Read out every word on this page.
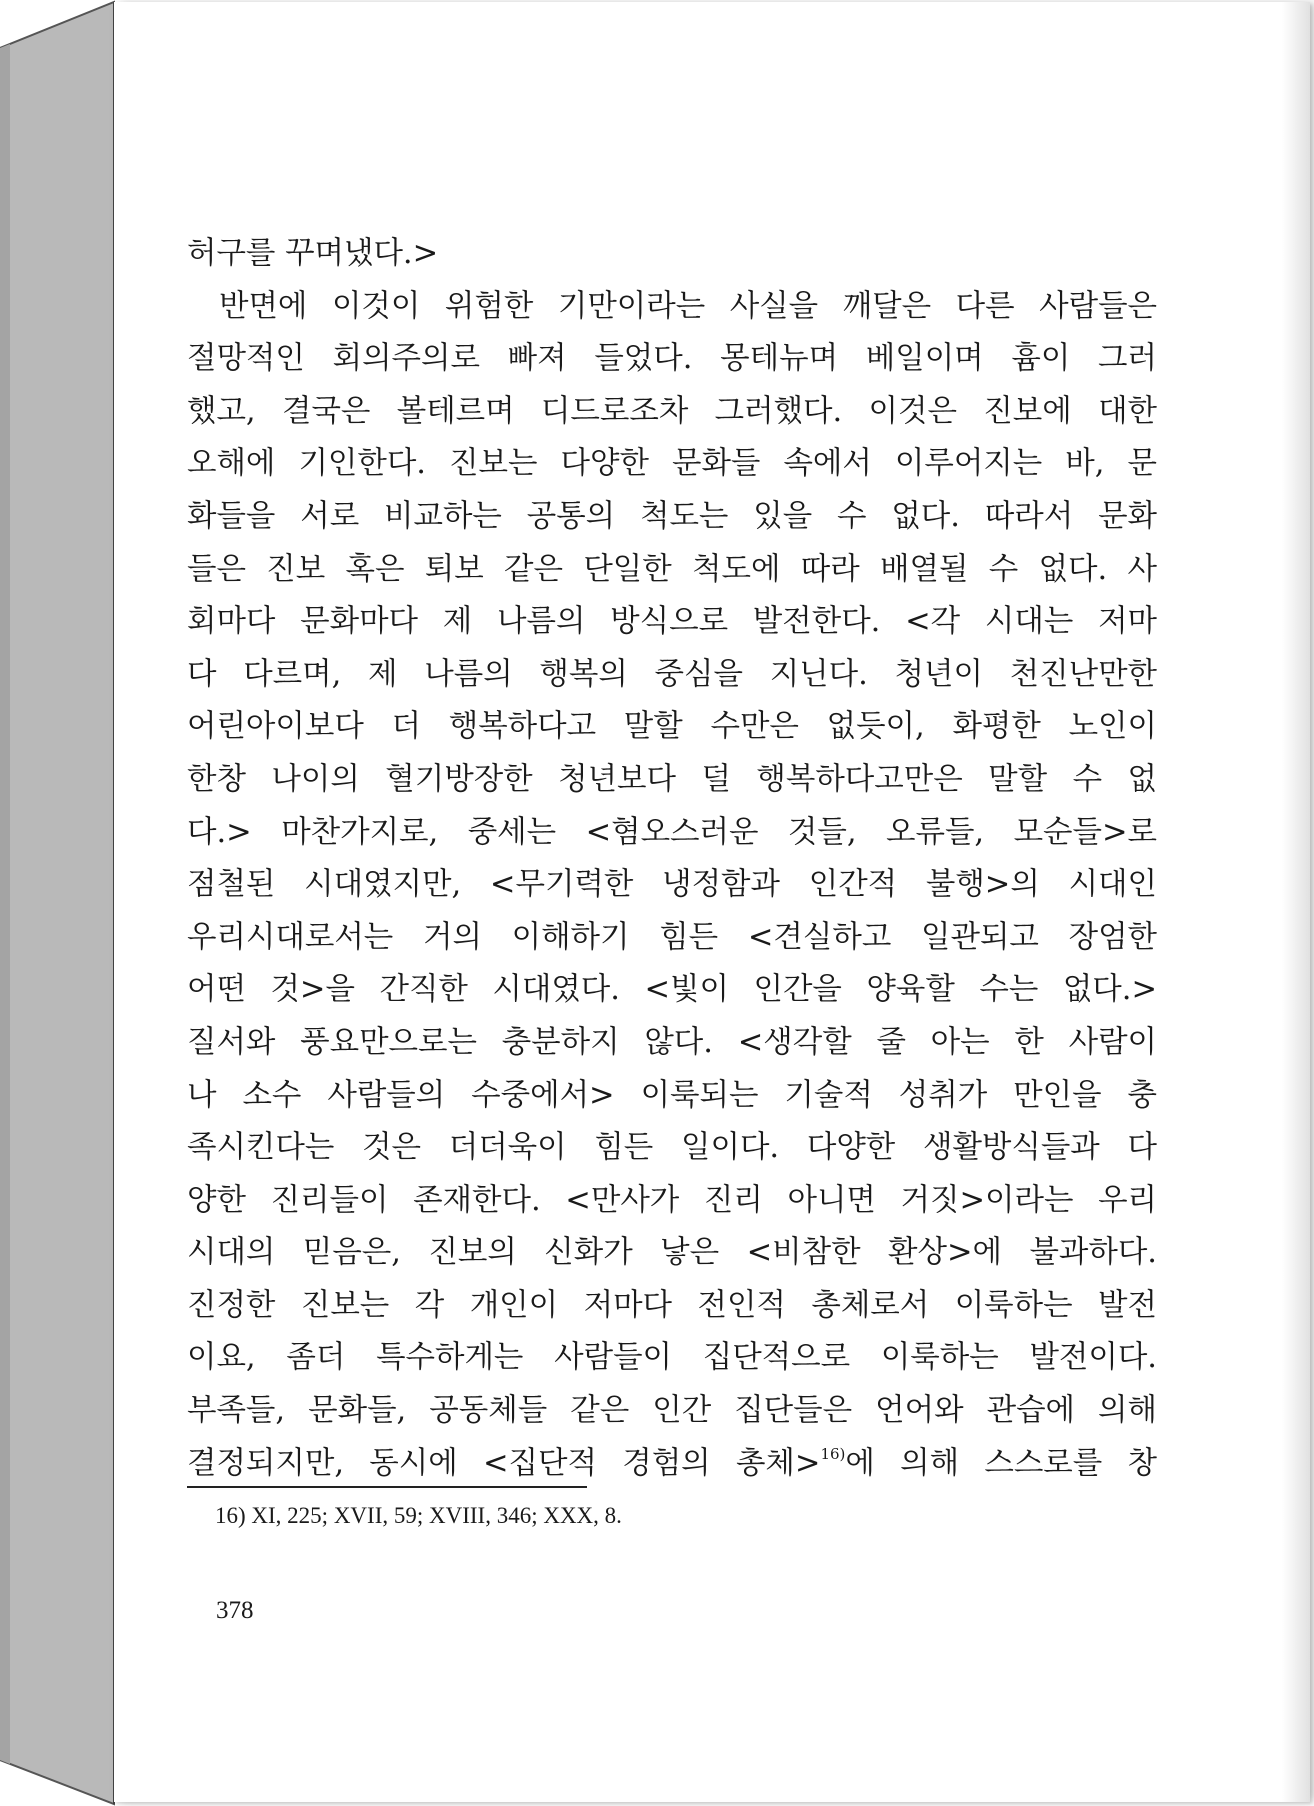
허구를 꾸며냈다.>
반면에 이것이 위험한 기만이라는 사실을 깨달은 다른 사람들은
절망적인 회의주의로 빠져 들었다. 몽테뉴며 베일이며 흄이 그러
했고, 결국은 볼테르며 디드로조차 그러했다. 이것은 진보에 대한
오해에 기인한다. 진보는 다양한 문화들 속에서 이루어지는 바, 문
화들을 서로 비교하는 공통의 척도는 있을 수 없다. 따라서 문화
들은 진보 혹은 퇴보 같은 단일한 척도에 따라 배열될 수 없다. 사
회마다 문화마다 제 나름의 방식으로 발전한다. <각 시대는 저마
다 다르며, 제 나름의 행복의 중심을 지닌다. 청년이 천진난만한
어린아이보다 더 행복하다고 말할 수만은 없듯이, 화평한 노인이
한창 나이의 혈기방장한 청년보다 덜 행복하다고만은 말할 수 없
다.> 마찬가지로, 중세는 <혐오스러운 것들, 오류들, 모순들>로
점철된 시대였지만, <무기력한 냉정함과 인간적 불행>의 시대인
우리시대로서는 거의 이해하기 힘든 <견실하고 일관되고 장엄한
어떤 것>을 간직한 시대였다. <빛이 인간을 양육할 수는 없다.>
질서와 풍요만으로는 충분하지 않다. <생각할 줄 아는 한 사람이
나 소수 사람들의 수중에서> 이룩되는 기술적 성취가 만인을 충
족시킨다는 것은 더더욱이 힘든 일이다. 다양한 생활방식들과 다
양한 진리들이 존재한다. <만사가 진리 아니면 거짓>이라는 우리
시대의 믿음은, 진보의 신화가 낳은 <비참한 환상>에 불과하다.
진정한 진보는 각 개인이 저마다 전인적 총체로서 이룩하는 발전
이요, 좀더 특수하게는 사람들이 집단적으로 이룩하는 발전이다.
부족들, 문화들, 공동체들 같은 인간 집단들은 언어와 관습에 의해
결정되지만, 동시에 <집단적 경험의 총체>$^{16)}$에 의해 스스로를 창
16) XI, 225; XVII, 59; XVIII, 346; XXX, 8.
378
